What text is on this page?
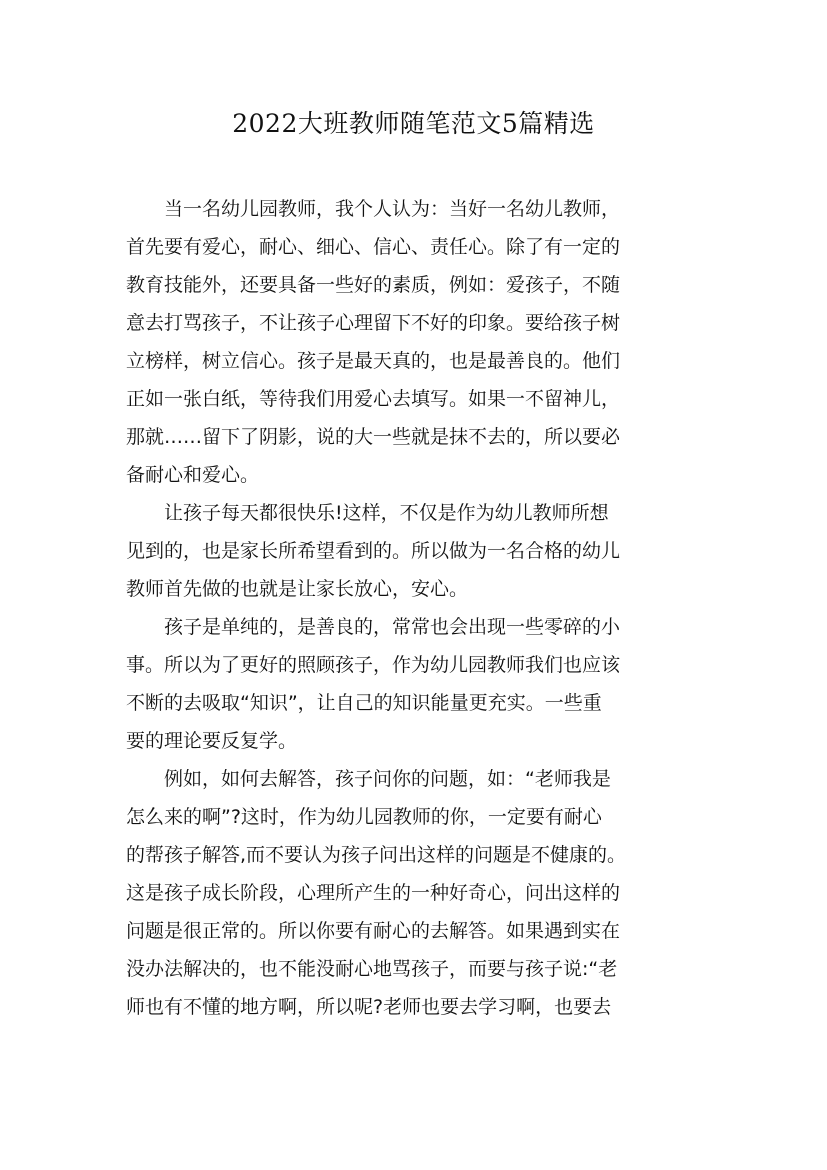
2022大班教师随笔范文5篇精选
当一名幼儿园教师，我个人认为：当好一名幼儿教师，
首先要有爱心，耐心、细心、信心、责任心。除了有一定的
教育技能外，还要具备一些好的素质，例如：爱孩子，不随
意去打骂孩子，不让孩子心理留下不好的印象。要给孩子树
立榜样，树立信心。孩子是最天真的，也是最善良的。他们
正如一张白纸，等待我们用爱心去填写。如果一不留神儿，
那就……留下了阴影，说的大一些就是抹不去的，所以要必
备耐心和爱心。
让孩子每天都很快乐!这样，不仅是作为幼儿教师所想
见到的，也是家长所希望看到的。所以做为一名合格的幼儿
教师首先做的也就是让家长放心，安心。
孩子是单纯的，是善良的，常常也会出现一些零碎的小
事。所以为了更好的照顾孩子，作为幼儿园教师我们也应该
不断的去吸取“知识”，让自己的知识能量更充实。一些重
要的理论要反复学。
例如，如何去解答，孩子问你的问题，如：“老师我是
怎么来的啊”?这时，作为幼儿园教师的你，一定要有耐心
的帮孩子解答,而不要认为孩子问出这样的问题是不健康的。
这是孩子成长阶段，心理所产生的一种好奇心，问出这样的
问题是很正常的。所以你要有耐心的去解答。如果遇到实在
没办法解决的，也不能没耐心地骂孩子，而要与孩子说:“老
师也有不懂的地方啊，所以呢?老师也要去学习啊，也要去
